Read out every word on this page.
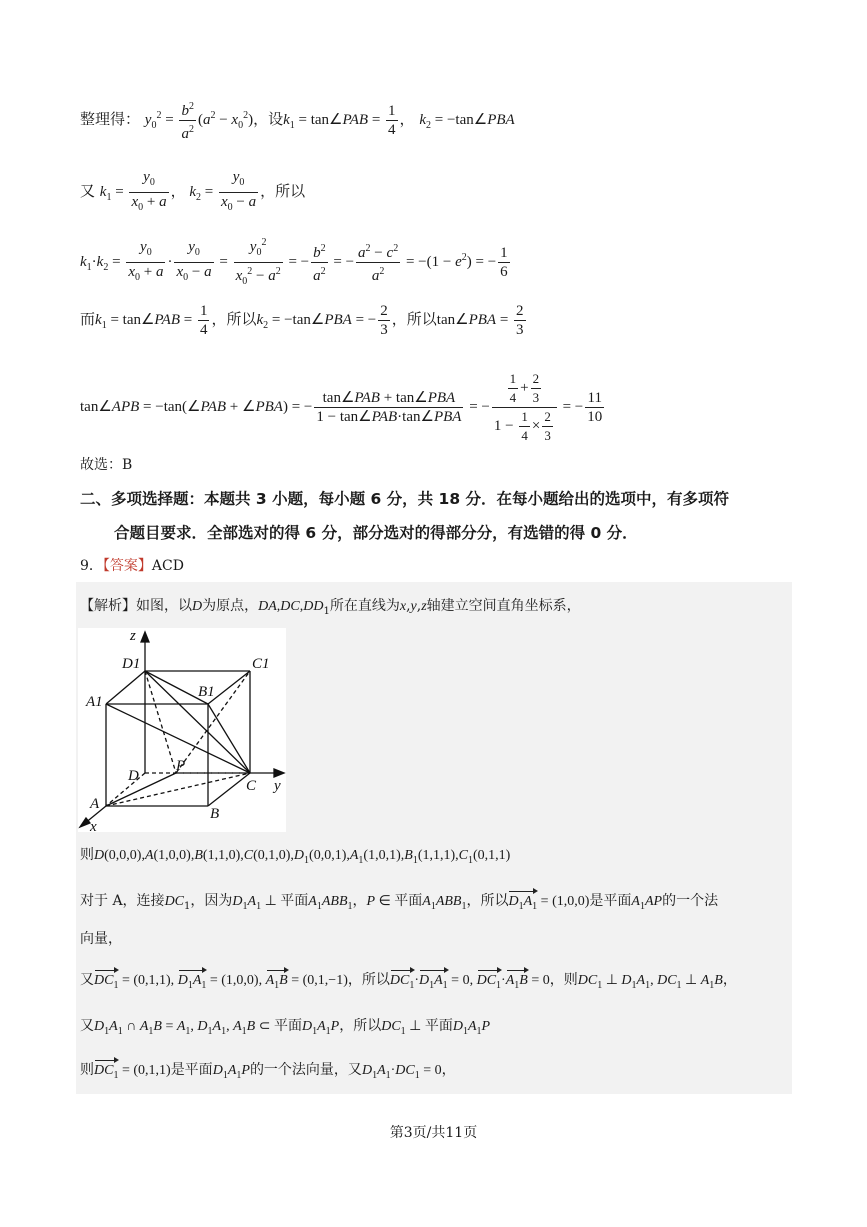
整理得： $y_0^2 = \frac{b^2}{a^2} (a^2 - x_0^2)$，设$k_1$ = tan∠PAB = $\frac{1}{4}$ ， $k_2$ = −tan∠PBA
又 $k_1 = \frac{y_0}{x_0 + a}$ ， $k_2 = \frac{y_0}{x_0 - a}$ ，所以
$k_1\cdot k_2 = \frac{y_0}{x_0 + a} \cdot \frac{y_0}{x_0 - a} = \frac{y_0^2}{x_0^2 - a^2}$ = − $\frac{b^2}{a^2}$ = − $\frac{a^2 - c^2}{a^2} = -(1 - e^2)$ = − $\frac{1}{6}$
而$k_1$ = tan∠PAB = $\frac{1}{4}$ ，所以$k_2$ = −tan∠PBA = − $\frac{2}{3}$ ，所以tan∠PBA = $\frac{2}{3}$
tan∠APB = −tan(∠PAB + ∠PBA) = − $\frac{\text{tan∠PAB + tan∠PBA}}{\text{1 − tan∠PAB·tan∠PBA}}$ = − $\frac{\frac{1}{4} + \frac{2}{3}}{1 - \frac{1}{4} \times \frac{2}{3}}$ = − $\frac{11}{10}$
故选：B
二、多项选择题：本题共 3 小题，每小题 6 分，共 18 分．在每小题给出的选项中，有多项符
合题目要求．全部选对的得 6 分，部分选对的得部分分，有选错的得 0 分．
9．【答案】ACD
【解析】如图，以D为原点，$DA,DC,DD_1$所在直线为x,y,z轴建立空间直角坐标系，
z
D1	C1
A1
B1
D
P
C y
A
B
x
则$D(0,0,0),A(1,0,0),B(1,1,0),C(0,1,0),D_1(0,0,1),A_1(1,0,1),B_1(1,1,1),C_1(0,1,1)$
对于 A，连接$DC_1$，因为$D_1A_1$ ⊥ 平面$A_1ABB_1$，P ∈ 平面$A_1ABB_1$，所以$D_1A_1 = (1,0,0)$是平面$A_1AP$的一个法
向量，
又$DC_1 = (0,1,1)$, $D_1A_1 = (1,0,0)$, $A_1B = (0,1,-1)$，所以$DC_1\cdot D_1A_1 = 0$, $DC_1\cdot A_1B = 0$，则$DC_1$ ⊥ $D_1A_1$, $DC_1$ ⊥ $A_1B$，
又$D_1A_1$ ∩ $A_1B = A_1$, $D_1A_1$, $A_1B$ ⊂ 平面$D_1A_1P$，所以$DC_1$ ⊥ 平面$D_1A_1P$
则$DC_1 = (0,1,1)$是平面$D_1A_1P$的一个法向量，又$D_1A_1\cdot DC_1 = 0$，
第3页/共11页
